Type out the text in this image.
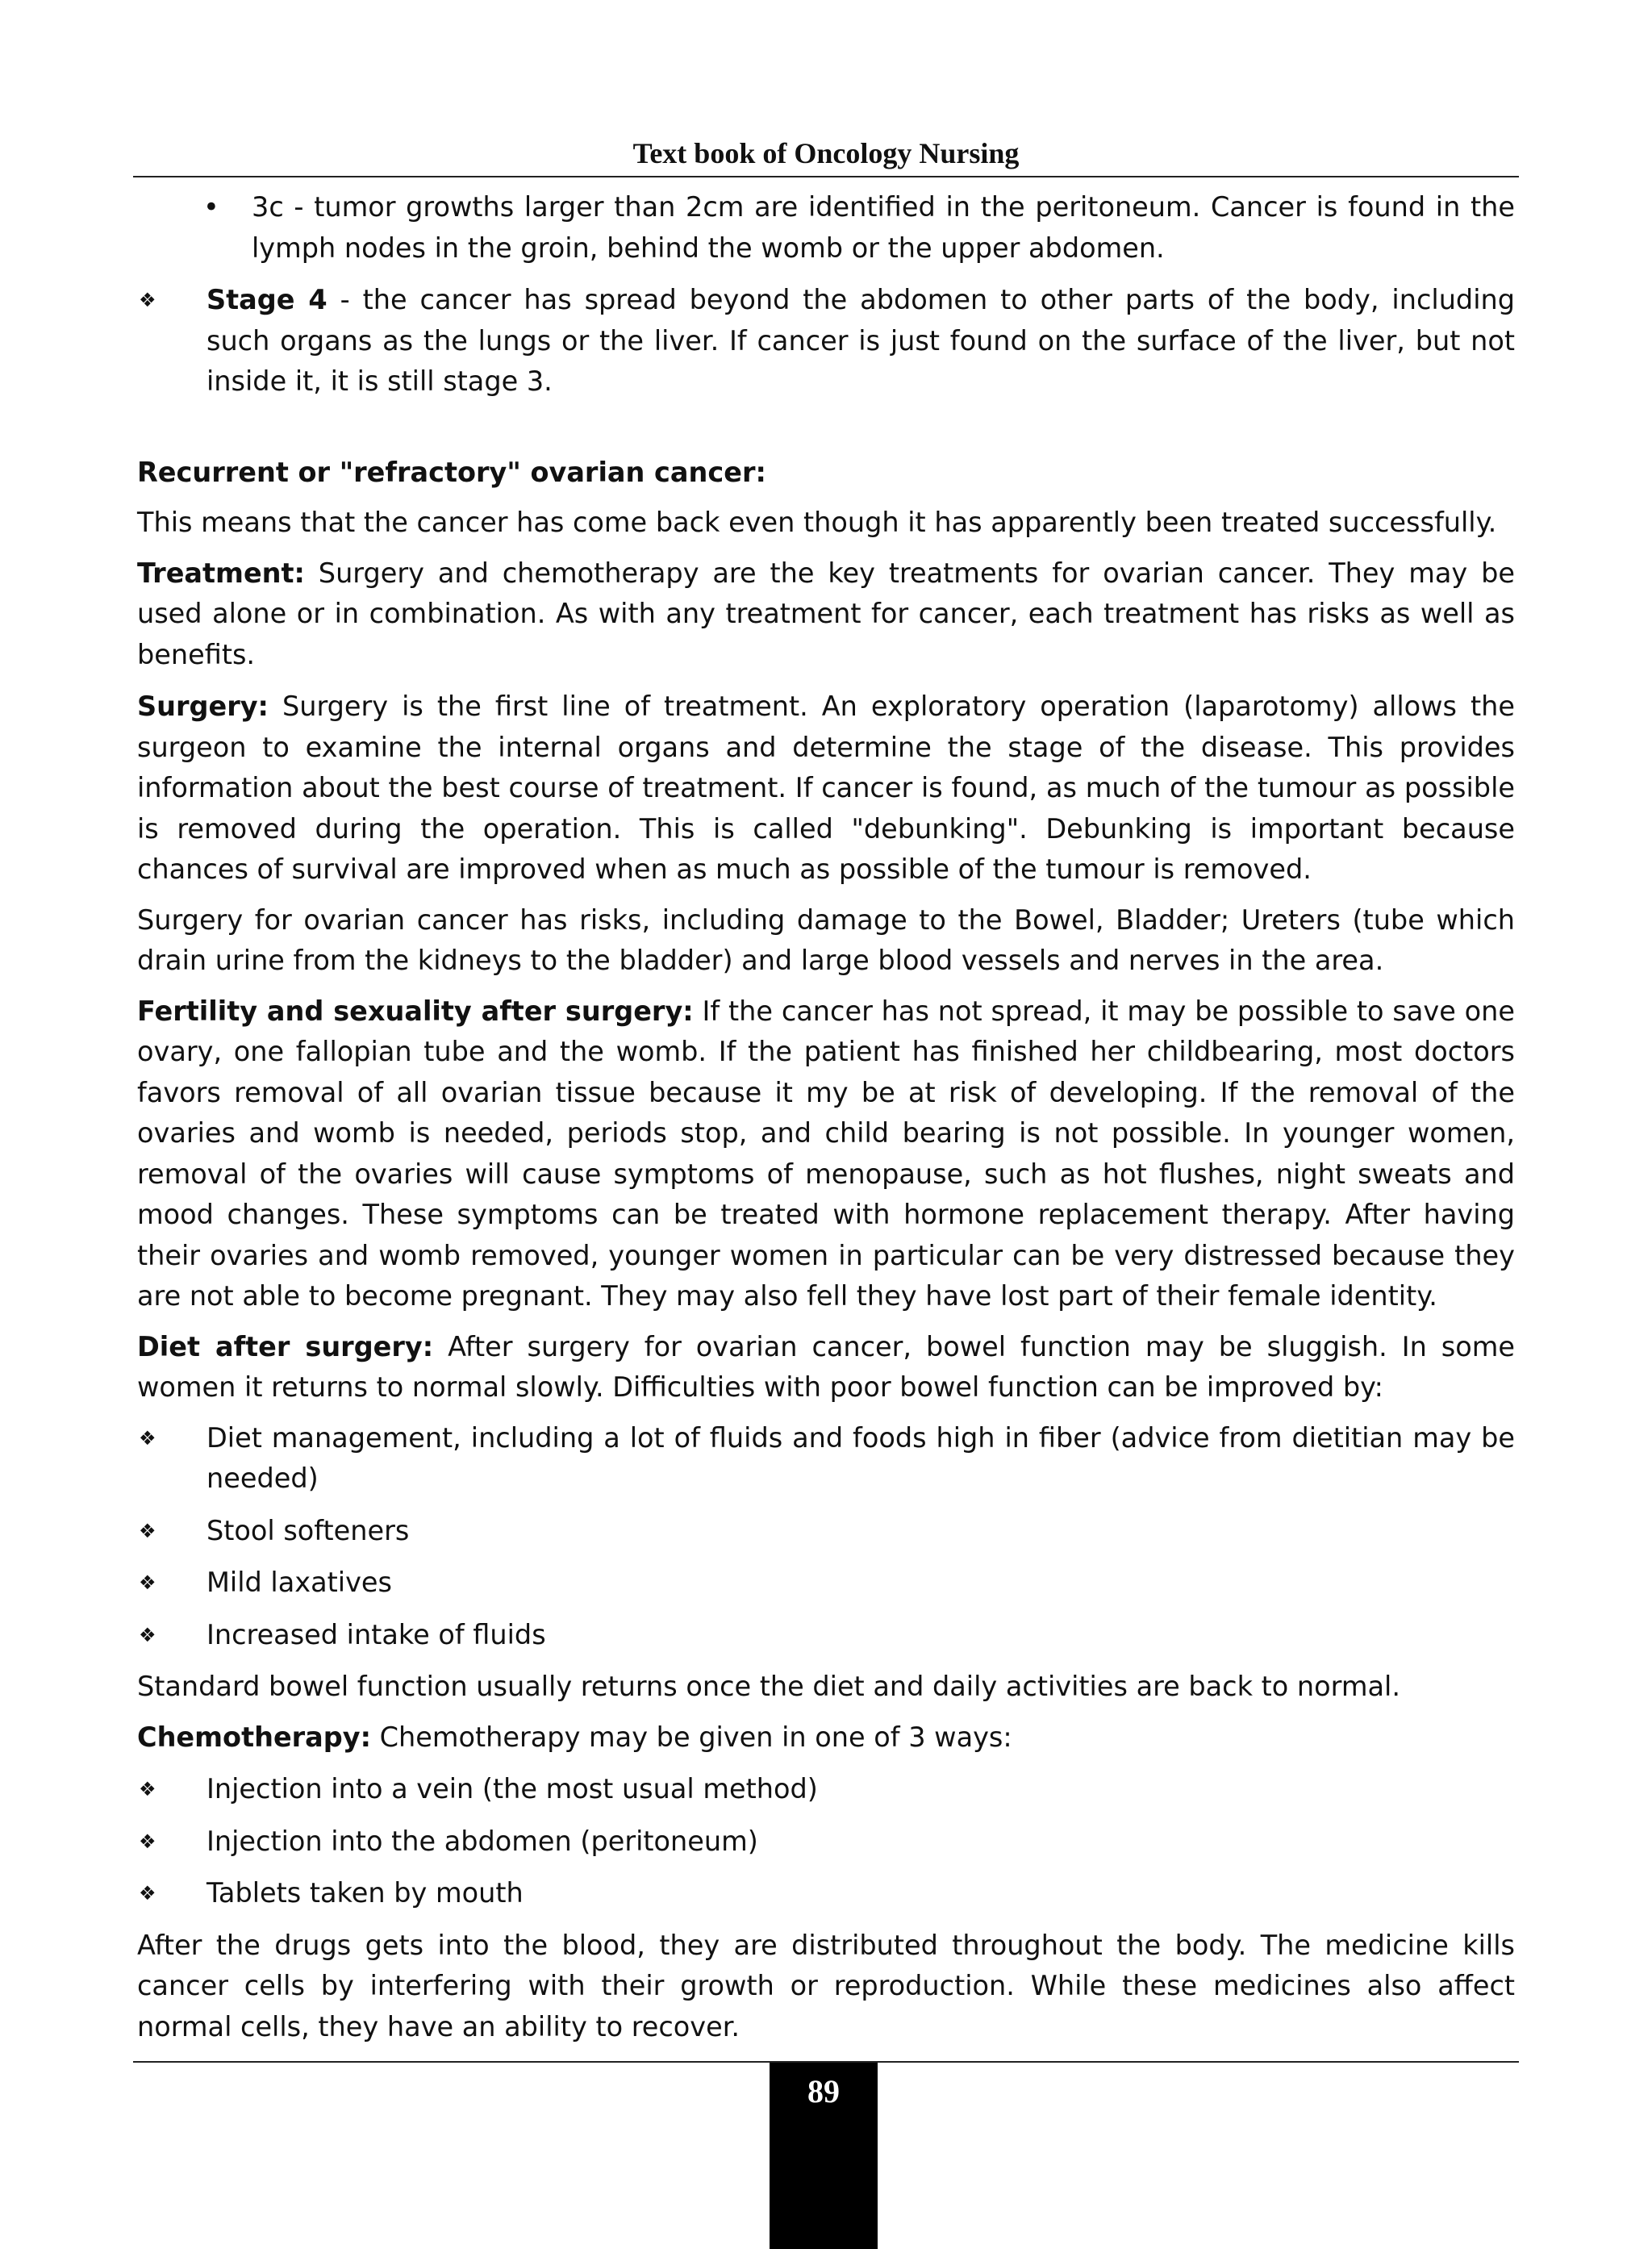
Text book of Oncology Nursing

• 3c - tumor growths larger than 2cm are identified in the peritoneum. Cancer is found in the lymph nodes in the groin, behind the womb or the upper abdomen.

❖ Stage 4 - the cancer has spread beyond the abdomen to other parts of the body, including such organs as the lungs or the liver. If cancer is just found on the surface of the liver, but not inside it, it is still stage 3.

Recurrent or "refractory" ovarian cancer:

This means that the cancer has come back even though it has apparently been treated successfully.

Treatment: Surgery and chemotherapy are the key treatments for ovarian cancer. They may be used alone or in combination. As with any treatment for cancer, each treatment has risks as well as benefits.

Surgery: Surgery is the first line of treatment. An exploratory operation (laparotomy) allows the surgeon to examine the internal organs and determine the stage of the disease. This provides information about the best course of treatment. If cancer is found, as much of the tumour as possible is removed during the operation. This is called "debunking". Debunking is important because chances of survival are improved when as much as possible of the tumour is removed.

Surgery for ovarian cancer has risks, including damage to the Bowel, Bladder; Ureters (tube which drain urine from the kidneys to the bladder) and large blood vessels and nerves in the area.

Fertility and sexuality after surgery: If the cancer has not spread, it may be possible to save one ovary, one fallopian tube and the womb. If the patient has finished her childbearing, most doctors favors removal of all ovarian tissue because it my be at risk of developing. If the removal of the ovaries and womb is needed, periods stop, and child bearing is not possible. In younger women, removal of the ovaries will cause symptoms of menopause, such as hot flushes, night sweats and mood changes. These symptoms can be treated with hormone replacement therapy. After having their ovaries and womb removed, younger women in particular can be very distressed because they are not able to become pregnant. They may also fell they have lost part of their female identity.

Diet after surgery: After surgery for ovarian cancer, bowel function may be sluggish. In some women it returns to normal slowly. Difficulties with poor bowel function can be improved by:

❖ Diet management, including a lot of fluids and foods high in fiber (advice from dietitian may be needed)

❖ Stool softeners

❖ Mild laxatives

❖ Increased intake of fluids

Standard bowel function usually returns once the diet and daily activities are back to normal.

Chemotherapy: Chemotherapy may be given in one of 3 ways:

❖ Injection into a vein (the most usual method)

❖ Injection into the abdomen (peritoneum)

❖ Tablets taken by mouth

After the drugs gets into the blood, they are distributed throughout the body. The medicine kills cancer cells by interfering with their growth or reproduction. While these medicines also affect normal cells, they have an ability to recover.

89
